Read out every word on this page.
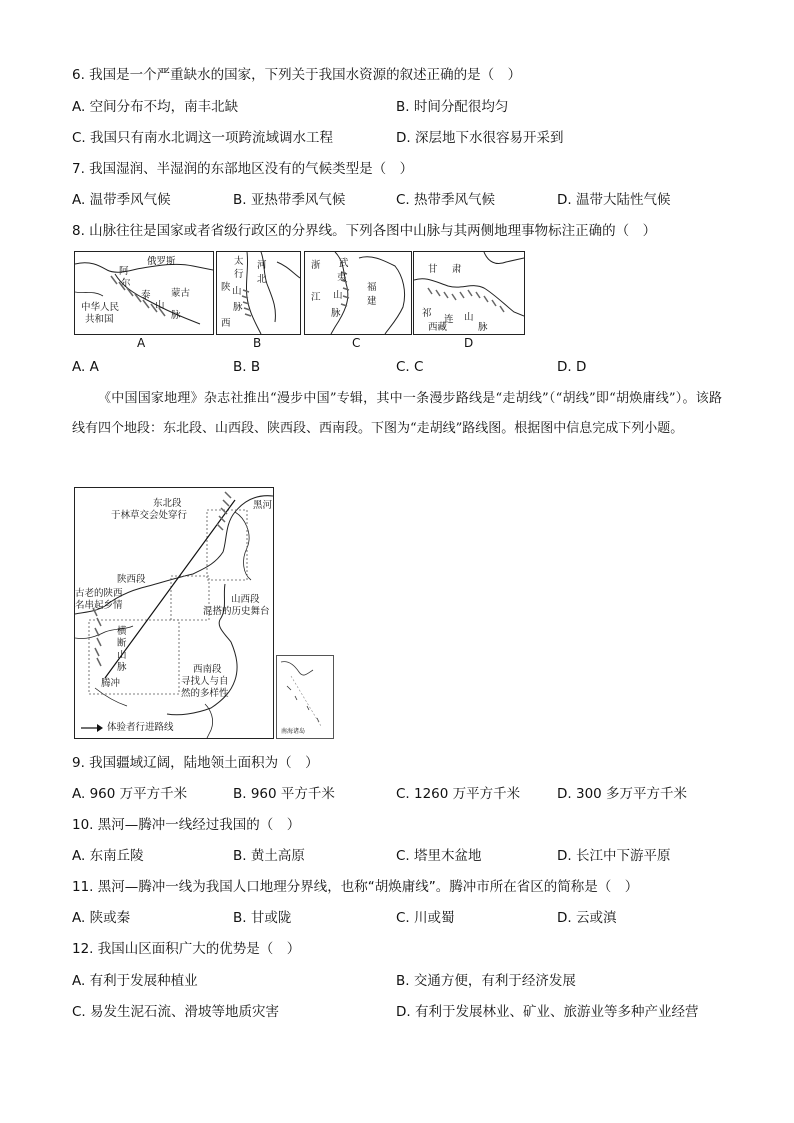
6. 我国是一个严重缺水的国家，下列关于我国水资源的叙述正确的是（　）
A. 空间分布不均，南丰北缺	B. 时间分配很均匀
C. 我国只有南水北调这一项跨流域调水工程	D. 深层地下水很容易开采到
7. 我国湿润、半湿润的东部地区没有的气候类型是（　）
A. 温带季风气候	B. 亚热带季风气候	C. 热带季风气候	D. 温带大陆性气候
8. 山脉往往是国家或者省级行政区的分界线。下列各图中山脉与其两侧地理事物标注正确的（　）
俄罗斯
阿
尔
泰
山
脉
蒙古
中华人民
共和国
A
太
行
陕 山
西
脉
河
北
B
浙 武
夷
江 山
脉
福
建
C
甘 肃
祁
连 山
脉
西藏
D
A. A	B. B	C. C	D. D
《中国国家地理》杂志社推出“漫步中国”专辑，其中一条漫步路线是“走胡线”（“胡线”即“胡焕庸线”）。该路线有四个地段：东北段、山西段、陕西段、西南段。下图为“走胡线”路线图。根据图中信息完成下列小题。
东北段
于林草交会处穿行
黑河
陕西段
古老的陕西
名串起乡情
山西段
混搭的历史舞台
横
断
山
脉
腾冲
西南段
寻找人与自
然的多样性
体验者行进路线	南海诸岛
9. 我国疆域辽阔，陆地领土面积为（　）
A. 960 万平方千米	B. 960 平方千米	C. 1260 万平方千米	D. 300 多万平方千米
10. 黑河—腾冲一线经过我国的（　）
A. 东南丘陵	B. 黄土高原	C. 塔里木盆地	D. 长江中下游平原
11. 黑河—腾冲一线为我国人口地理分界线，也称“胡焕庸线”。腾冲市所在省区的简称是（　）
A. 陕或秦	B. 甘或陇	C. 川或蜀	D. 云或滇
12. 我国山区面积广大的优势是（　）
A. 有利于发展种植业	B. 交通方便，有利于经济发展
C. 易发生泥石流、滑坡等地质灾害	D. 有利于发展林业、矿业、旅游业等多种产业经营
